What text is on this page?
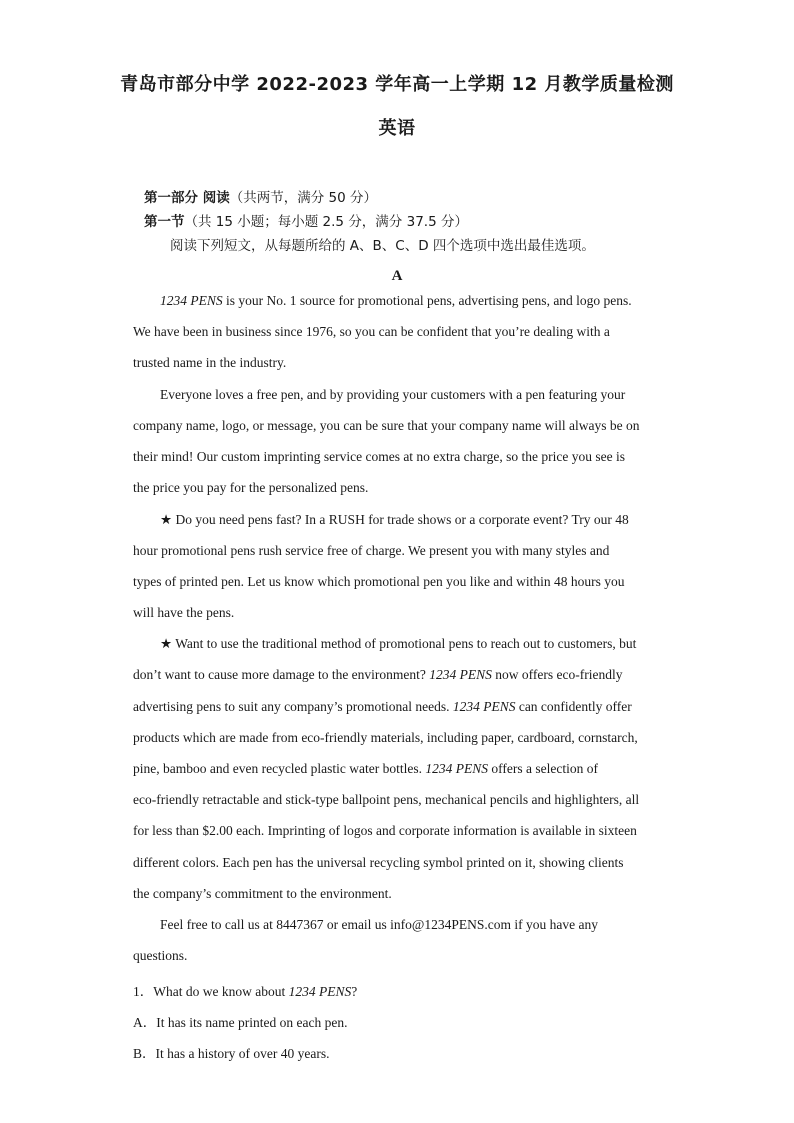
青岛市部分中学 2022-2023 学年高一上学期 12 月教学质量检测
英语
第一部分 阅读（共两节，满分 50 分）
第一节（共 15 小题；每小题 2.5 分，满分 37.5 分）
阅读下列短文，从每题所给的 A、B、C、D 四个选项中选出最佳选项。
A
1234 PENS is your No. 1 source for promotional pens, advertising pens, and logo pens.
We have been in business since 1976, so you can be confident that you’re dealing with a
trusted name in the industry.
Everyone loves a free pen, and by providing your customers with a pen featuring your
company name, logo, or message, you can be sure that your company name will always be on
their mind! Our custom imprinting service comes at no extra charge, so the price you see is
the price you pay for the personalized pens.
★ Do you need pens fast? In a RUSH for trade shows or a corporate event? Try our 48
hour promotional pens rush service free of charge. We present you with many styles and
types of printed pen. Let us know which promotional pen you like and within 48 hours you
will have the pens.
★ Want to use the traditional method of promotional pens to reach out to customers, but
don’t want to cause more damage to the environment? 1234 PENS now offers eco-friendly
advertising pens to suit any company’s promotional needs. 1234 PENS can confidently offer
products which are made from eco-friendly materials, including paper, cardboard, cornstarch,
pine, bamboo and even recycled plastic water bottles. 1234 PENS offers a selection of
eco-friendly retractable and stick-type ballpoint pens, mechanical pencils and highlighters, all
for less than $2.00 each. Imprinting of logos and corporate information is available in sixteen
different colors. Each pen has the universal recycling symbol printed on it, showing clients
the company’s commitment to the environment.
Feel free to call us at 8447367 or email us info@1234PENS.com if you have any
questions.
1．What do we know about 1234 PENS?
A．It has its name printed on each pen.
B．It has a history of over 40 years.
